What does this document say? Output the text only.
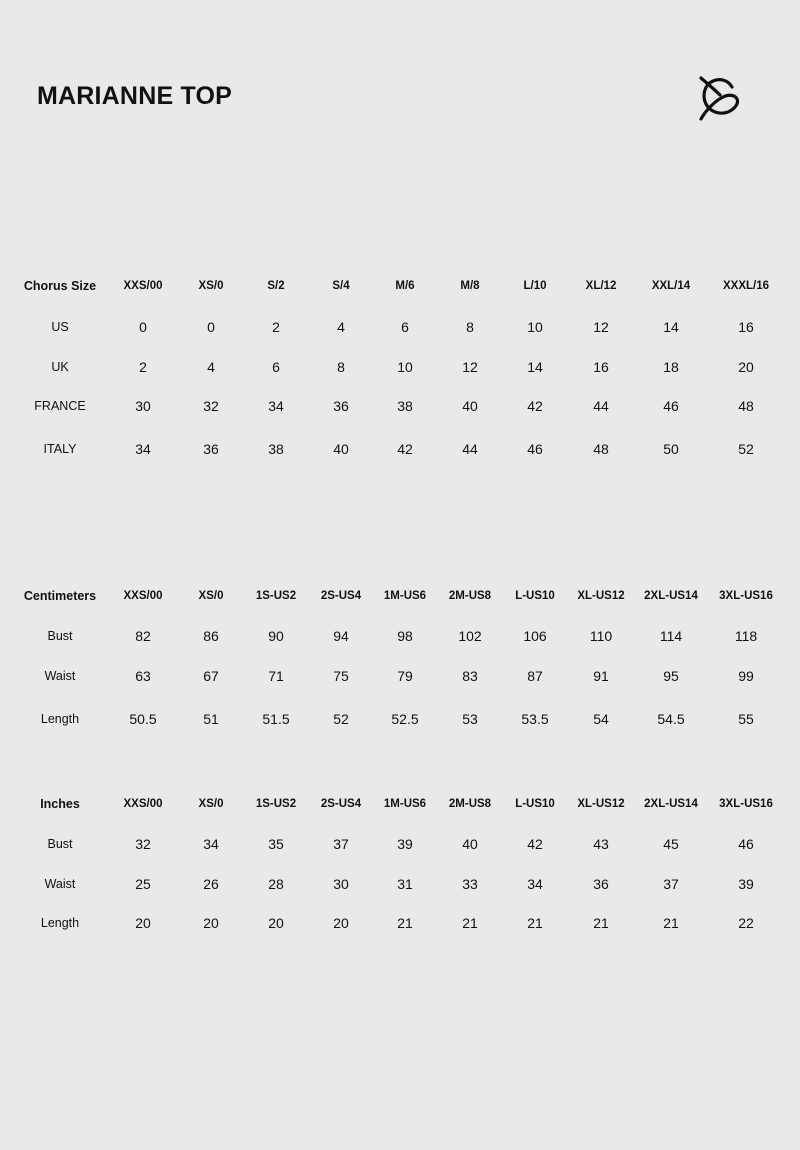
MARIANNE TOP
Chorus Size	XXS/00	XS/0	S/2	S/4	M/6	M/8	L/10	XL/12	XXL/14	XXXL/16
US	0	0	2	4	6	8	10	12	14	16
UK	2	4	6	8	10	12	14	16	18	20
FRANCE	30	32	34	36	38	40	42	44	46	48
ITALY	34	36	38	40	42	44	46	48	50	52
Centimeters	XXS/00	XS/0	1S-US2	2S-US4	1M-US6	2M-US8	L-US10	XL-US12	2XL-US14	3XL-US16
Bust	82	86	90	94	98	102	106	110	114	118
Waist	63	67	71	75	79	83	87	91	95	99
Length	50.5	51	51.5	52	52.5	53	53.5	54	54.5	55
Inches	XXS/00	XS/0	1S-US2	2S-US4	1M-US6	2M-US8	L-US10	XL-US12	2XL-US14	3XL-US16
Bust	32	34	35	37	39	40	42	43	45	46
Waist	25	26	28	30	31	33	34	36	37	39
Length	20	20	20	20	21	21	21	21	21	22
